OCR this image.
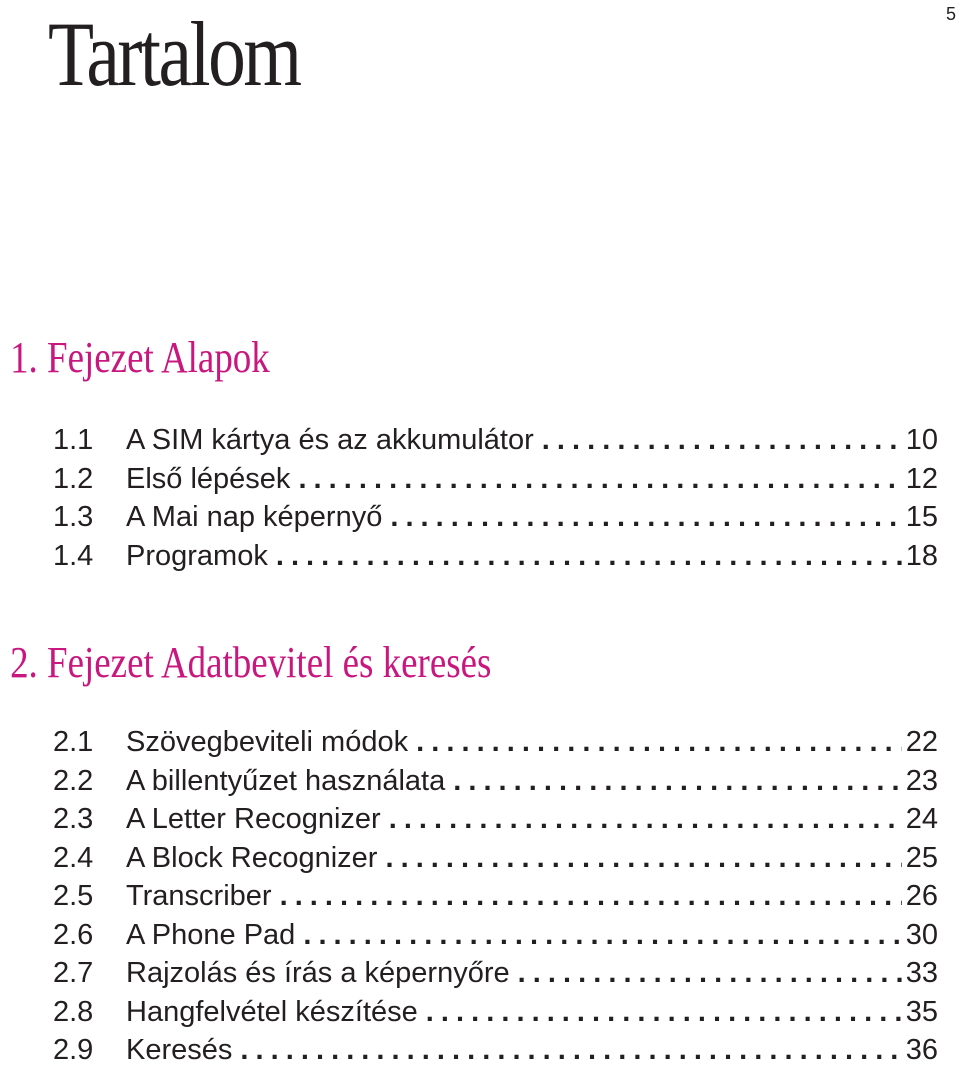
5
Tartalom
1. Fejezet Alapok
1.1	A SIM kártya és az akkumulátor . . .	10
1.2	Első lépések . . .	12
1.3	A Mai nap képernyő . . .	15
1.4	Programok . . .	18
2. Fejezet Adatbevitel és keresés
2.1	Szövegbeviteli módok . . .	22
2.2	A billentyűzet használata . . .	23
2.3	A Letter Recognizer . . .	24
2.4	A Block Recognizer . . .	25
2.5	Transcriber . . .	26
2.6	A Phone Pad . . .	30
2.7	Rajzolás és írás a képernyőre . . .	33
2.8	Hangfelvétel készítése . . .	35
2.9	Keresés . . .	36
